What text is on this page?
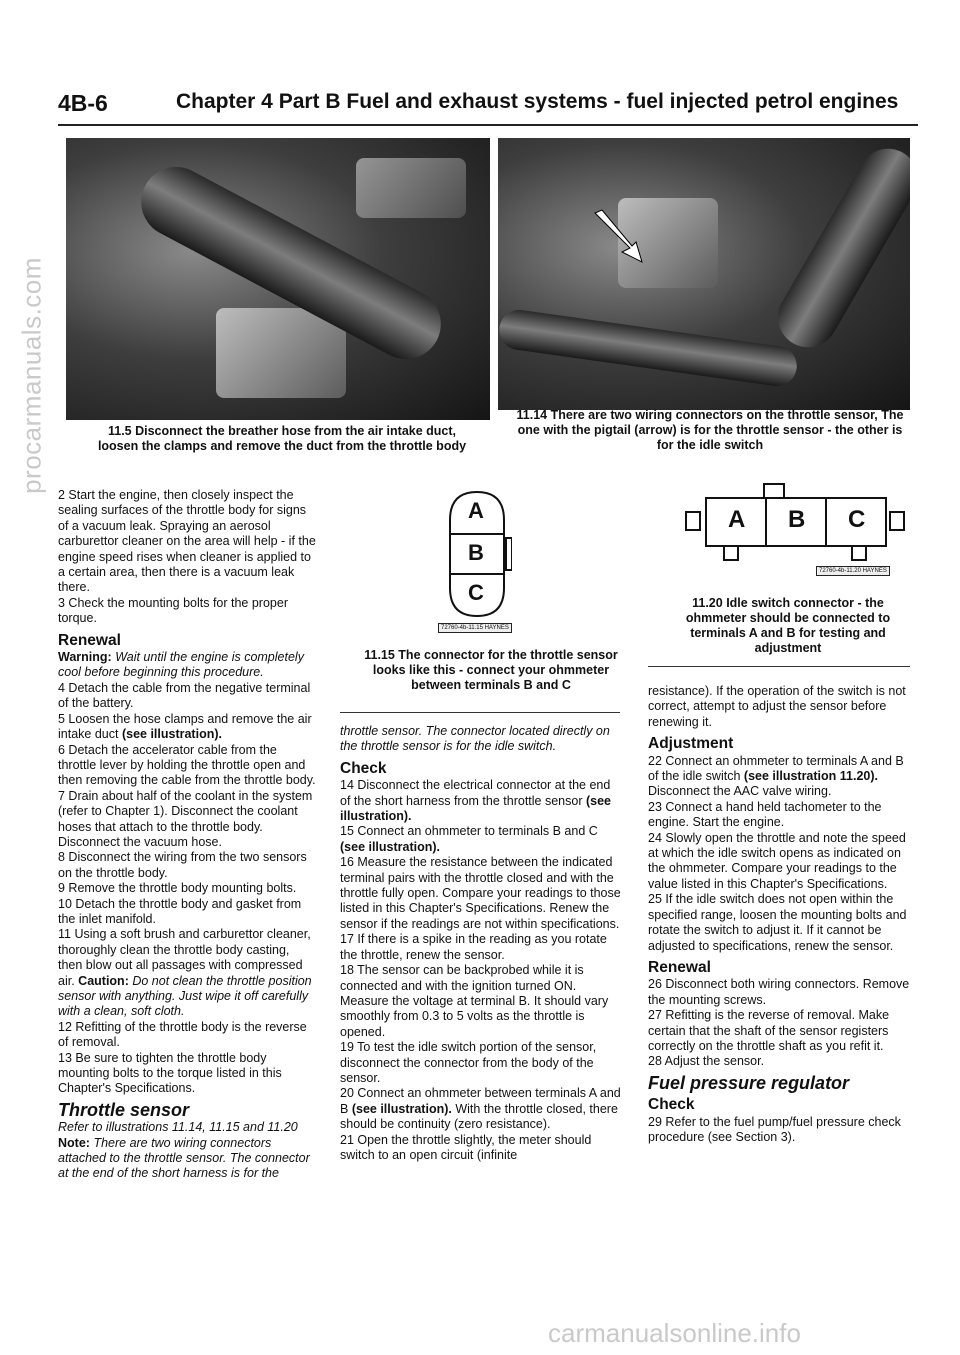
procarmanuals.com
carmanualsonline.info
4B-6	Chapter 4 Part B Fuel and exhaust systems - fuel injected petrol engines
11.5 Disconnect the breather hose from the air intake duct, loosen the clamps and remove the duct from the throttle body
11.14 There are two wiring connectors on the throttle sensor, The one with the pigtail (arrow) is for the throttle sensor - the other is for the idle switch

2 Start the engine, then closely inspect the sealing surfaces of the throttle body for signs of a vacuum leak. Spraying an aerosol carburettor cleaner on the area will help - if the engine speed rises when cleaner is applied to a certain area, then there is a vacuum leak there.

3 Check the mounting bolts for the proper torque.

Renewal

Warning: Wait until the engine is completely cool before beginning this procedure.

4 Detach the cable from the negative terminal of the battery.

5 Loosen the hose clamps and remove the air intake duct (see illustration).

6 Detach the accelerator cable from the throttle lever by holding the throttle open and then removing the cable from the throttle body.

7 Drain about half of the coolant in the system (refer to Chapter 1). Disconnect the coolant hoses that attach to the throttle body. Disconnect the vacuum hose.

8 Disconnect the wiring from the two sensors on the throttle body.

9 Remove the throttle body mounting bolts.

10 Detach the throttle body and gasket from the inlet manifold.

11 Using a soft brush and carburettor cleaner, thoroughly clean the throttle body casting, then blow out all passages with compressed air. Caution: Do not clean the throttle position sensor with anything. Just wipe it off carefully with a clean, soft cloth.

12 Refitting of the throttle body is the reverse of removal.

13 Be sure to tighten the throttle body mounting bolts to the torque listed in this Chapter's Specifications.

Throttle sensor

Refer to illustrations 11.14, 11.15 and 11.20

Note: There are two wiring connectors attached to the throttle sensor. The connector at the end of the short harness is for the

A
B
C
72760-4b-11.15 HAYNES
11.15 The connector for the throttle sensor looks like this - connect your ohmmeter between terminals B and C

throttle sensor. The connector located directly on the throttle sensor is for the idle switch.

Check

14 Disconnect the electrical connector at the end of the short harness from the throttle sensor (see illustration).

15 Connect an ohmmeter to terminals B and C (see illustration).

16 Measure the resistance between the indicated terminal pairs with the throttle closed and with the throttle fully open. Compare your readings to those listed in this Chapter's Specifications. Renew the sensor if the readings are not within specifications.

17 If there is a spike in the reading as you rotate the throttle, renew the sensor.

18 The sensor can be backprobed while it is connected and with the ignition turned ON. Measure the voltage at terminal B. It should vary smoothly from 0.3 to 5 volts as the throttle is opened.

19 To test the idle switch portion of the sensor, disconnect the connector from the body of the sensor.

20 Connect an ohmmeter between terminals A and B (see illustration). With the throttle closed, there should be continuity (zero resistance).

21 Open the throttle slightly, the meter should switch to an open circuit (infinite

A B C
72760-4b-11.20 HAYNES
11.20 Idle switch connector - the ohmmeter should be connected to terminals A and B for testing and adjustment

resistance). If the operation of the switch is not correct, attempt to adjust the sensor before renewing it.

Adjustment

22 Connect an ohmmeter to terminals A and B of the idle switch (see illustration 11.20). Disconnect the AAC valve wiring.

23 Connect a hand held tachometer to the engine. Start the engine.

24 Slowly open the throttle and note the speed at which the idle switch opens as indicated on the ohmmeter. Compare your readings to the value listed in this Chapter's Specifications.

25 If the idle switch does not open within the specified range, loosen the mounting bolts and rotate the switch to adjust it. If it cannot be adjusted to specifications, renew the sensor.

Renewal

26 Disconnect both wiring connectors. Remove the mounting screws.

27 Refitting is the reverse of removal. Make certain that the shaft of the sensor registers correctly on the throttle shaft as you refit it.

28 Adjust the sensor.

Fuel pressure regulator
Check

29 Refer to the fuel pump/fuel pressure check procedure (see Section 3).
